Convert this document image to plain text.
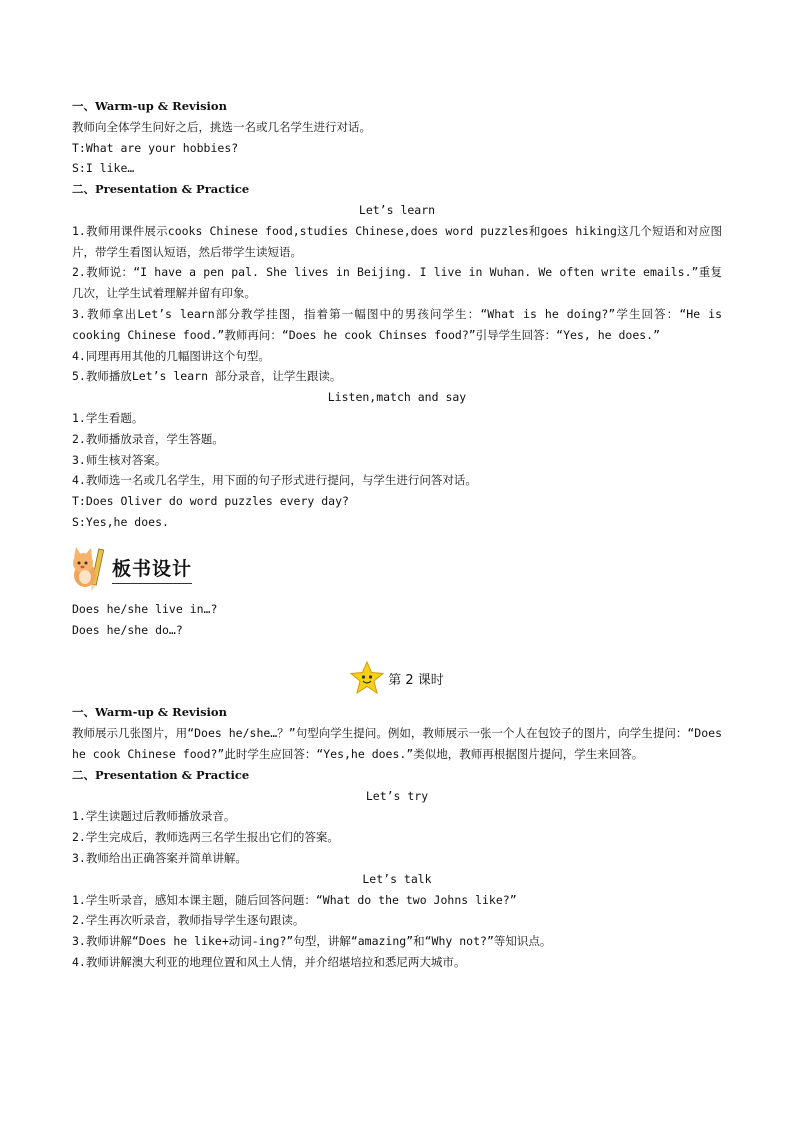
一、Warm-up & Revision
教师向全体学生问好之后，挑选一名或几名学生进行对话。
T:What are your hobbies?
S:I like…
二、Presentation & Practice
Let’s learn
1.教师用课件展示cooks Chinese food,studies Chinese,does word puzzles和goes hiking这几个短语和对应图片，带学生看图认短语，然后带学生读短语。
2.教师说：“I have a pen pal. She lives in Beijing. I live in Wuhan. We often write emails.”重复几次，让学生试着理解并留有印象。
3.教师拿出Let’s learn部分教学挂图，指着第一幅图中的男孩问学生：“What is he doing?”学生回答：“He is cooking Chinese food.”教师再问：“Does he cook Chinses food?”引导学生回答：“Yes, he does.”
4.同理再用其他的几幅图讲这个句型。
5.教师播放Let’s learn 部分录音，让学生跟读。
Listen,match and say
1.学生看题。
2.教师播放录音，学生答题。
3.师生核对答案。
4.教师选一名或几名学生，用下面的句子形式进行提问，与学生进行问答对话。
T:Does Oliver do word puzzles every day?
S:Yes,he does.
板书设计
Does he/she live in…?
Does he/she do…?
第 2 课时
一、Warm-up & Revision
教师展示几张图片，用“Does he/she…？”句型向学生提问。例如，教师展示一张一个人在包饺子的图片，向学生提问：“Does he cook Chinese food?”此时学生应回答：“Yes,he does.”类似地，教师再根据图片提问，学生来回答。
二、Presentation & Practice
Let’s try
1.学生读题过后教师播放录音。
2.学生完成后，教师选两三名学生报出它们的答案。
3.教师给出正确答案并简单讲解。
Let’s talk
1.学生听录音，感知本课主题，随后回答问题：“What do the two Johns like?”
2.学生再次听录音，教师指导学生逐句跟读。
3.教师讲解“Does he like+动词-ing?”句型，讲解“amazing”和“Why not?”等知识点。
4.教师讲解澳大利亚的地理位置和风土人情，并介绍堪培拉和悉尼两大城市。
